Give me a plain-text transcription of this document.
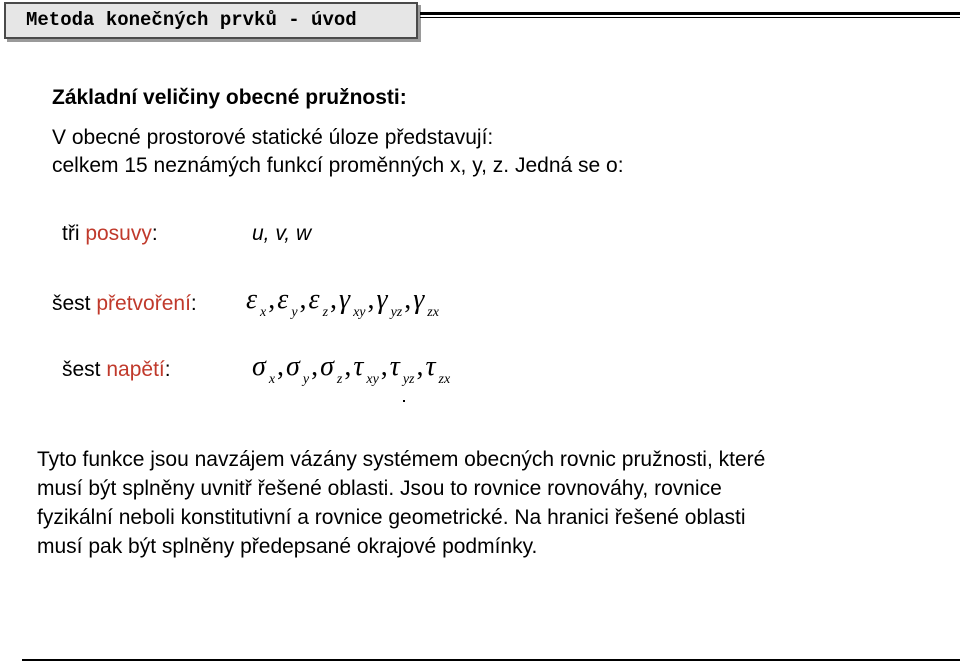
Metoda konečných prvků - úvod
Základní veličiny obecné pružnosti:
V obecné prostorové statické úloze představují:
celkem 15 neznámých funkcí proměnných x, y, z. Jedná se o:
tři posuvy:	u, v, w
šest přetvoření: ε $_x$,ε $_y$,ε $_z$,γ $_{xy}$,γ $_{yz}$,γ $_{zx}$
šest napětí:	σ $_x$,σ $_y$,σ $_z$,τ $_{xy}$,τ $_{yz}$,τ $_{zx}$
Tyto funkce jsou navzájem vázány systémem obecných rovnic pružnosti, které
musí být splněny uvnitř řešené oblasti. Jsou to rovnice rovnováhy, rovnice
fyzikální neboli konstitutivní a rovnice geometrické. Na hranici řešené oblasti
musí pak být splněny předepsané okrajové podmínky.
